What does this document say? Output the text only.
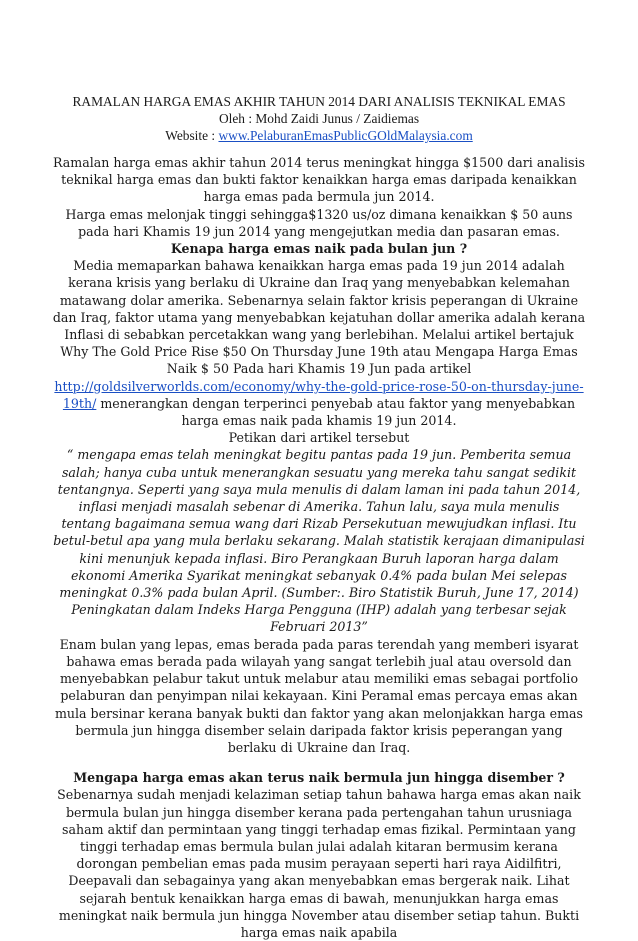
RAMALAN HARGA EMAS AKHIR TAHUN 2014 DARI ANALISIS TEKNIKAL EMAS

Oleh : Mohd Zaidi Junus / Zaidiemas

Website : www.PelaburanEmasPublicGOldMalaysia.com

Ramalan harga emas akhir tahun 2014 terus meningkat hingga $1500 dari analisis teknikal harga emas dan bukti faktor kenaikkan harga emas daripada kenaikkan harga emas pada bermula jun 2014.

Harga emas melonjak tinggi sehingga$1320 us/oz dimana kenaikkan $ 50 auns pada hari Khamis 19 jun 2014 yang mengejutkan media dan pasaran emas.

Kenapa harga emas naik pada bulan jun ?

Media memaparkan bahawa kenaikkan harga emas pada 19 jun 2014 adalah kerana krisis yang berlaku di Ukraine dan Iraq yang menyebabkan kelemahan matawang dolar amerika. Sebenarnya selain faktor krisis peperangan di Ukraine dan Iraq, faktor utama yang menyebabkan kejatuhan dollar amerika adalah kerana Inflasi di sebabkan percetakkan wang yang berlebihan. Melalui artikel bertajuk Why The Gold Price Rise $50 On Thursday June 19th atau Mengapa Harga Emas Naik $ 50 Pada hari Khamis 19 Jun pada artikel http://goldsilverworlds.com/economy/why-the-gold-price-rose-50-on-thursday-june-19th/ menerangkan dengan terperinci penyebab atau faktor yang menyebabkan harga emas naik pada khamis 19 jun 2014.

Petikan dari artikel tersebut

“ mengapa emas telah meningkat begitu pantas pada 19 jun. Pemberita semua salah; hanya cuba untuk menerangkan sesuatu yang mereka tahu sangat sedikit tentangnya. Seperti yang saya mula menulis di dalam laman ini pada tahun 2014, inflasi menjadi masalah sebenar di Amerika. Tahun lalu, saya mula menulis tentang bagaimana semua wang dari Rizab Persekutuan mewujudkan inflasi. Itu betul-betul apa yang mula berlaku sekarang. Malah statistik kerajaan dimanipulasi kini menunjuk kepada inflasi. Biro Perangkaan Buruh laporan harga dalam ekonomi Amerika Syarikat meningkat sebanyak 0.4% pada bulan Mei selepas meningkat 0.3% pada bulan April. (Sumber:. Biro Statistik Buruh, June 17, 2014) Peningkatan dalam Indeks Harga Pengguna (IHP) adalah yang terbesar sejak Februari 2013”

Enam bulan yang lepas, emas berada pada paras terendah yang memberi isyarat bahawa emas berada pada wilayah yang sangat terlebih jual atau oversold dan menyebabkan pelabur takut untuk melabur atau memiliki emas sebagai portfolio pelaburan dan penyimpan nilai kekayaan. Kini Peramal emas percaya emas akan mula bersinar kerana banyak bukti dan faktor yang akan melonjakkan harga emas bermula jun hingga disember selain daripada faktor krisis peperangan yang berlaku di Ukraine dan Iraq.

Mengapa harga emas akan terus naik bermula jun hingga disember ?

Sebenarnya sudah menjadi kelaziman setiap tahun bahawa harga emas akan naik bermula bulan jun hingga disember kerana pada pertengahan tahun urusniaga saham aktif dan permintaan yang tinggi terhadap emas fizikal. Permintaan yang tinggi terhadap emas bermula bulan julai adalah kitaran bermusim kerana dorongan pembelian emas pada musim perayaan seperti hari raya Aidilfitri, Deepavali dan sebagainya yang akan menyebabkan emas bergerak naik. Lihat sejarah bentuk kenaikkan harga emas di bawah, menunjukkan harga emas meningkat naik bermula jun hingga November atau disember setiap tahun. Bukti harga emas naik apabila
